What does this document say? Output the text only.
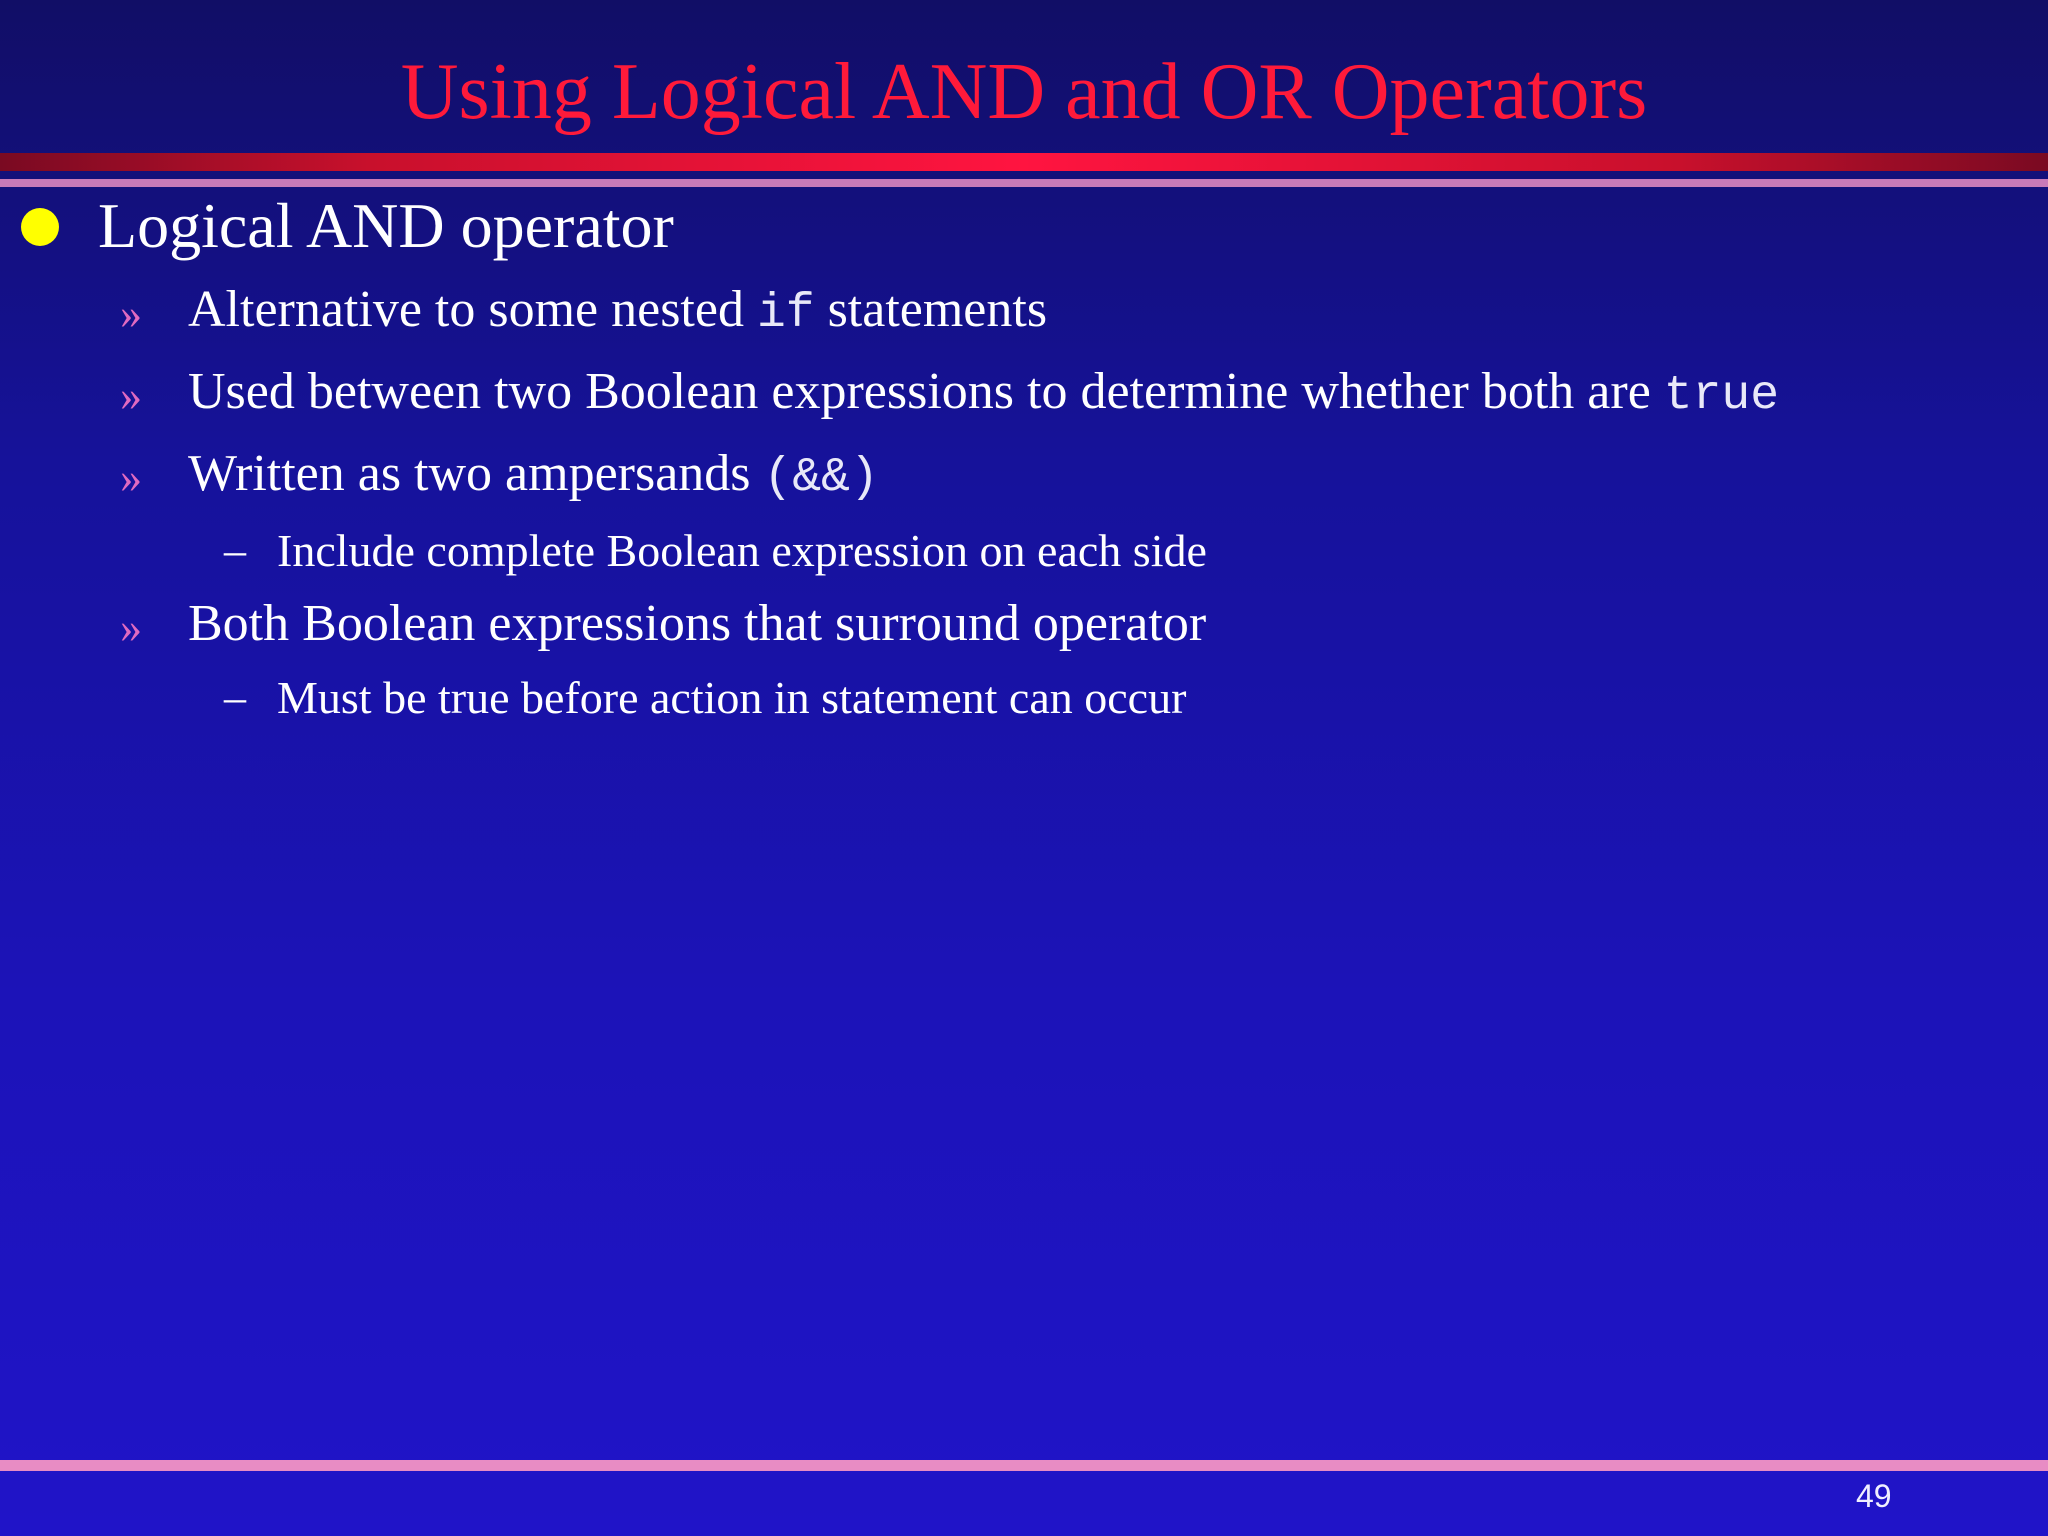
Using Logical AND and OR Operators
Logical AND operator
» Alternative to some nested if statements
» Used between two Boolean expressions to determine whether both are true
» Written as two ampersands (&&)
– Include complete Boolean expression on each side
» Both Boolean expressions that surround operator
– Must be true before action in statement can occur
49
